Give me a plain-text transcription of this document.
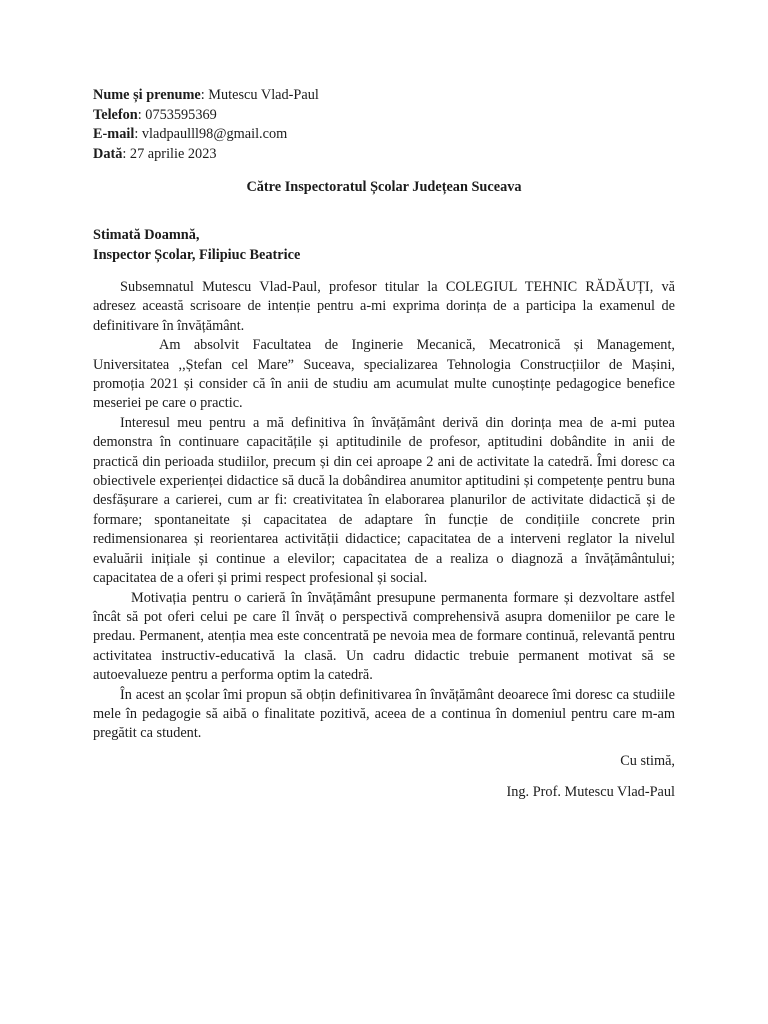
Nume și prenume: Mutescu Vlad-Paul
Telefon: 0753595369
E-mail: vladpaulll98@gmail.com
Dată: 27 aprilie 2023
Către Inspectoratul Școlar Județean Suceava
Stimată Doamnă,
Inspector Școlar, Filipiuc Beatrice

Subsemnatul Mutescu Vlad-Paul, profesor titular la COLEGIUL TEHNIC RĂDĂUȚI, vă adresez această scrisoare de intenție pentru a-mi exprima dorința de a participa la examenul de definitivare în învățământ.

Am absolvit Facultatea de Inginerie Mecanică, Mecatronică și Management, Universitatea ,,Ștefan cel Mare” Suceava, specializarea Tehnologia Construcțiilor de Mașini, promoția 2021 și consider că în anii de studiu am acumulat multe cunoștințe pedagogice benefice meseriei pe care o practic.

Interesul meu pentru a mă definitiva în învățământ derivă din dorința mea de a-mi putea demonstra în continuare capacitățile și aptitudinile de profesor, aptitudini dobândite in anii de practică din perioada studiilor, precum și din cei aproape 2 ani de activitate la catedră. Îmi doresc ca obiectivele experienței didactice să ducă la dobândirea anumitor aptitudini și competențe pentru buna desfășurare a carierei, cum ar fi: creativitatea în elaborarea planurilor de activitate didactică și de formare; spontaneitate și capacitatea de adaptare în funcție de condițiile concrete prin redimensionarea și reorientarea activității didactice; capacitatea de a interveni reglator la nivelul evaluării inițiale și continue a elevilor; capacitatea de a realiza o diagnoză a învățământului; capacitatea de a oferi și primi respect profesional și social.

Motivația pentru o carieră în învățământ presupune permanenta formare și dezvoltare astfel încât să pot oferi celui pe care îl învăț o perspectivă comprehensivă asupra domeniilor pe care le predau. Permanent, atenția mea este concentrată pe nevoia mea de formare continuă, relevantă pentru activitatea instructiv-educativă la clasă. Un cadru didactic trebuie permanent motivat să se autoevalueze pentru a performa optim la catedră.

În acest an școlar îmi propun să obțin definitivarea în învățământ deoarece îmi doresc ca studiile mele în pedagogie să aibă o finalitate pozitivă, aceea de a continua în domeniul pentru care m-am pregătit ca student.

Cu stimă,
Ing. Prof. Mutescu Vlad-Paul
